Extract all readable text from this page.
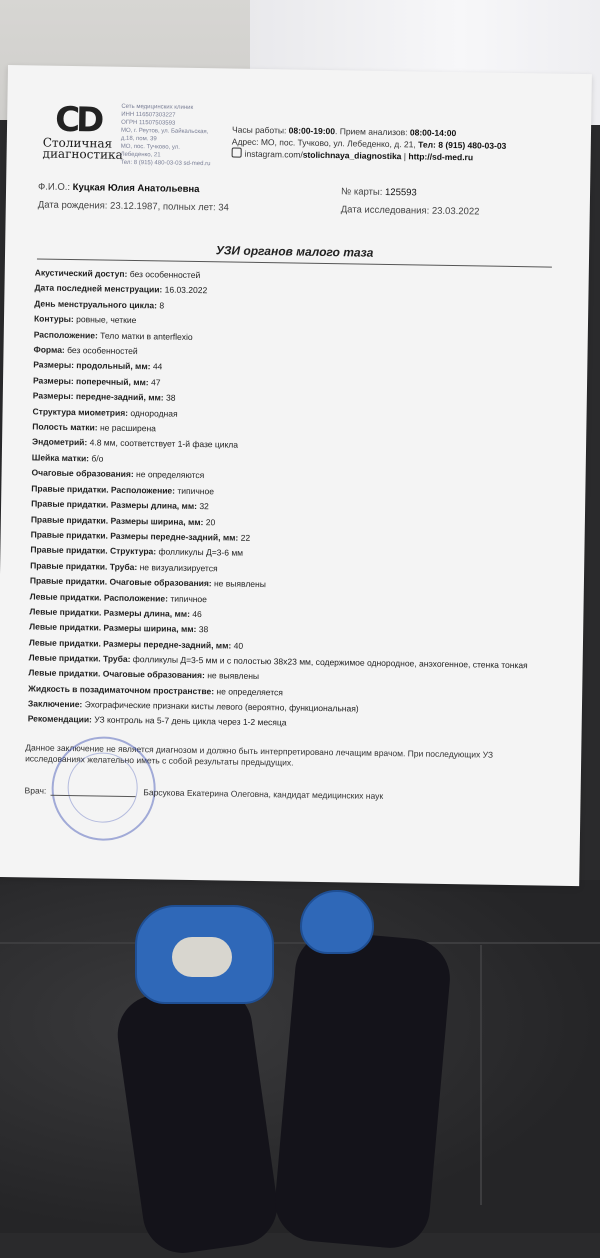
CD
Столичная диагностика
Сеть медицинских клиник
ИНН 116507303227
ОГРН 11507503593
МО, г. Реутов, ул. Байкальская, д.18, пом. 39
МО, пос. Тучково, ул. Лебеденко, 21
Тел: 8 (915) 480-03-03 sd-med.ru
Часы работы: 08:00-19:00. Прием анализов: 08:00-14:00
Адрес: МО, пос. Тучково, ул. Лебеденко, д. 21, Тел: 8 (915) 480-03-03
instagram.com/stolichnaya_diagnostika | http://sd-med.ru
Ф.И.О.: Куцкая Юлия Анатольевна
Дата рождения: 23.12.1987, полных лет: 34
№ карты: 125593
Дата исследования: 23.03.2022
УЗИ органов малого таза
Акустический доступ: без особенностей
Дата последней менструации: 16.03.2022
День менструального цикла: 8
Контуры: ровные, четкие
Расположение: Тело матки в anterflexio
Форма: без особенностей
Размеры: продольный, мм: 44
Размеры: поперечный, мм: 47
Размеры: передне-задний, мм: 38
Структура миометрия: однородная
Полость матки: не расширена
Эндометрий: 4.8 мм, соответствует 1-й фазе цикла
Шейка матки: б/о
Очаговые образования: не определяются
Правые придатки. Расположение: типичное
Правые придатки. Размеры длина, мм: 32
Правые придатки. Размеры ширина, мм: 20
Правые придатки. Размеры передне-задний, мм: 22
Правые придатки. Структура: фолликулы Д=3-6 мм
Правые придатки. Труба: не визуализируется
Правые придатки. Очаговые образования: не выявлены
Левые придатки. Расположение: типичное
Левые придатки. Размеры длина, мм: 46
Левые придатки. Размеры ширина, мм: 38
Левые придатки. Размеры передне-задний, мм: 40
Левые придатки. Труба: фолликулы Д=3-5 мм и с полостью 38x23 мм, содержимое однородное, анэхогенное, стенка тонкая
Левые придатки. Очаговые образования: не выявлены
Жидкость в позадиматочном пространстве: не определяется
Заключение: Эхографические признаки кисты левого (вероятно, функциональная)
Рекомендации: УЗ контроль на 5-7 день цикла через 1-2 месяца
Данное заключение не является диагнозом и должно быть интерпретировано лечащим врачом. При последующих УЗ исследованиях желательно иметь с собой результаты предыдущих.
Врач:	Барсукова Екатерина Олеговна, кандидат медицинских наук
